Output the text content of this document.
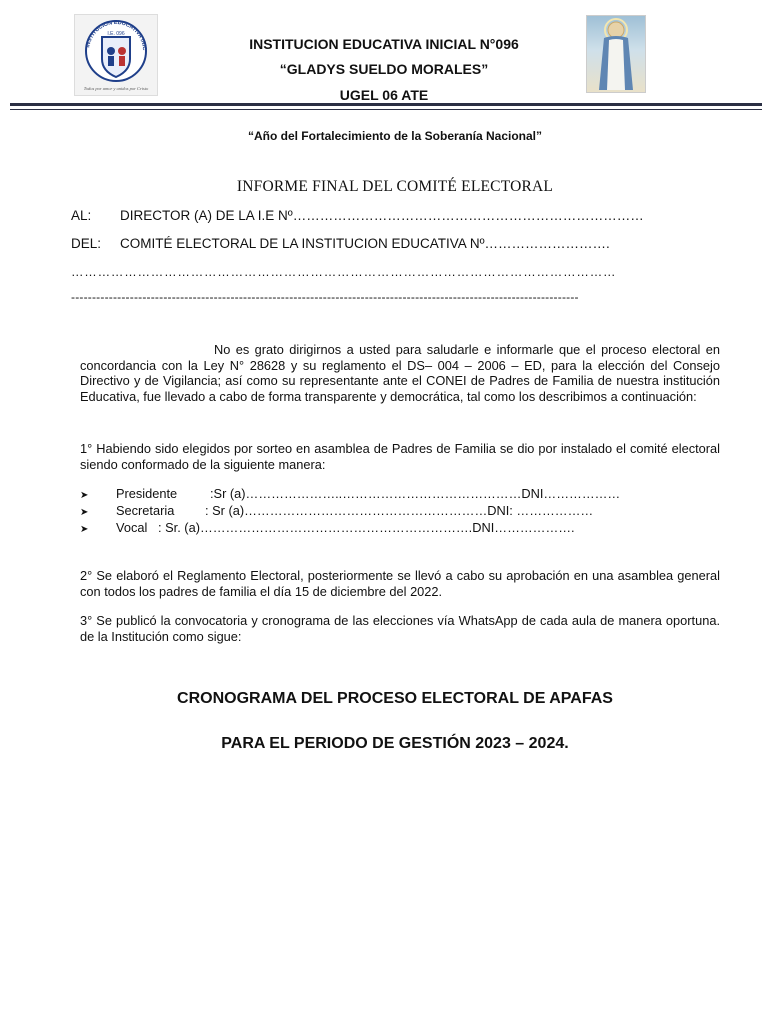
I.E. 096
INSTITUCION EDUCATIVA INIC
Todos por amor y unidos por Cristo
INSTITUCION EDUCATIVA INICIAL N°096
“GLADYS SUELDO MORALES”
UGEL 06 ATE
“Año del Fortalecimiento de la Soberanía Nacional”
INFORME FINAL DEL COMITÉ ELECTORAL
AL: DIRECTOR (A) DE LA I.E Nº……………………………………………………………………
DEL: COMITÉ ELECTORAL DE LA INSTITUCION EDUCATIVA Nº……………………….
……………………………………………………………………………………………………………
-------------------------------------------------------------------------------------------------------------------------
No es grato dirigirnos a usted para saludarle e informarle que el proceso electoral en concordancia con la Ley N° 28628 y su reglamento el DS– 004 – 2006 – ED, para la elección del Consejo Directivo y de Vigilancia; así como su representante ante el CONEI de Padres de Familia de nuestra institución Educativa, fue llevado a cabo de forma transparente y democrática, tal como los describimos a continuación:
1° Habiendo sido elegidos por sorteo en asamblea de Padres de Familia se dio por instalado el comité electoral siendo conformado de la siguiente manera:
➤ Presidente	:Sr (a)…………………..……………………………………DNI………………
➤ Secretaria : Sr (a)…………………………………………………DNI: ………………
➤ Vocal : Sr. (a)……………………………………………………….DNI……………….
2° Se elaboró el Reglamento Electoral, posteriormente se llevó a cabo su aprobación en una asamblea general con todos los padres de familia el día 15 de diciembre del 2022.
3° Se publicó la convocatoria y cronograma de las elecciones vía WhatsApp de cada aula de manera oportuna. de la Institución como sigue:
CRONOGRAMA DEL PROCESO ELECTORAL DE APAFAS
PARA EL PERIODO DE GESTIÓN 2023 – 2024.
